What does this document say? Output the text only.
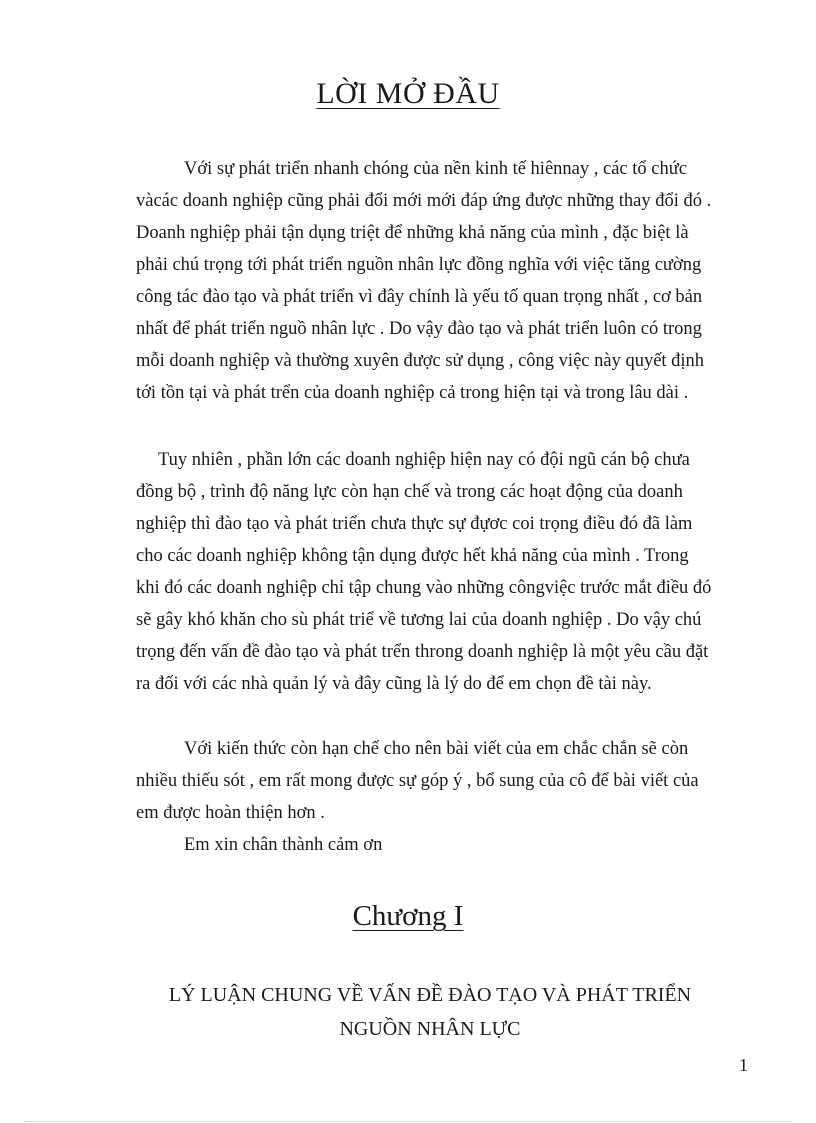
LỜI MỞ ĐẦU

Với sự phát triển nhanh chóng của nền kinh tế hiênnay , các tổ chức
vàcác doanh nghiệp cũng phải đổi mới mới đáp ứng được những thay đổi đó .
Doanh nghiệp phải tận dụng triệt để những khả năng của mình , đặc biệt là
phải chú trọng tới phát triển nguồn nhân lực đồng nghĩa với việc tăng cường
công tác đào tạo và phát triển vì đây chính là yếu tố quan trọng nhất , cơ bản
nhất để phát triển nguồ nhân lực . Do vậy đào tạo và phát triển luôn có trong
mỗi doanh nghiệp và thường xuyên được sử dụng , công việc này quyết định
tới tồn tại và phát trển của doanh nghiệp cả trong hiện tại và trong lâu dài .

Tuy nhiên , phần lớn các doanh nghiệp hiện nay có đội ngũ cán bộ chưa
đồng bộ , trình độ năng lực còn hạn chế và trong các hoạt động của doanh
nghiệp thì đào tạo và phát triển chưa thực sự đựơc coi trọng điều đó đã làm
cho các doanh nghiệp không tận dụng được hết khả năng của mình . Trong
khi đó các doanh nghiệp chỉ tập chung vào những côngviệc trước mắt điều đó
sẽ gây khó khăn cho sù phát triể về tương lai của doanh nghiệp . Do vậy chú
trọng đến vấn đề đào tạo và phát trển throng doanh nghiệp là một yêu cầu đặt
ra đối với các nhà quản lý và đây cũng là lý do để em chọn đề tài này.

Với kiến thức còn hạn chế cho nên bài viết của em chắc chắn sẽ còn
nhiều thiếu sót , em rất mong được sự góp ý , bổ sung của cô để bài viết của
em được hoàn thiện hơn .

Em xin chân thành cảm ơn

Chương I
LÝ LUẬN CHUNG VỀ VẤN ĐỀ ĐÀO TẠO VÀ PHÁT TRIỂN
NGUỒN NHÂN LỰC
1
